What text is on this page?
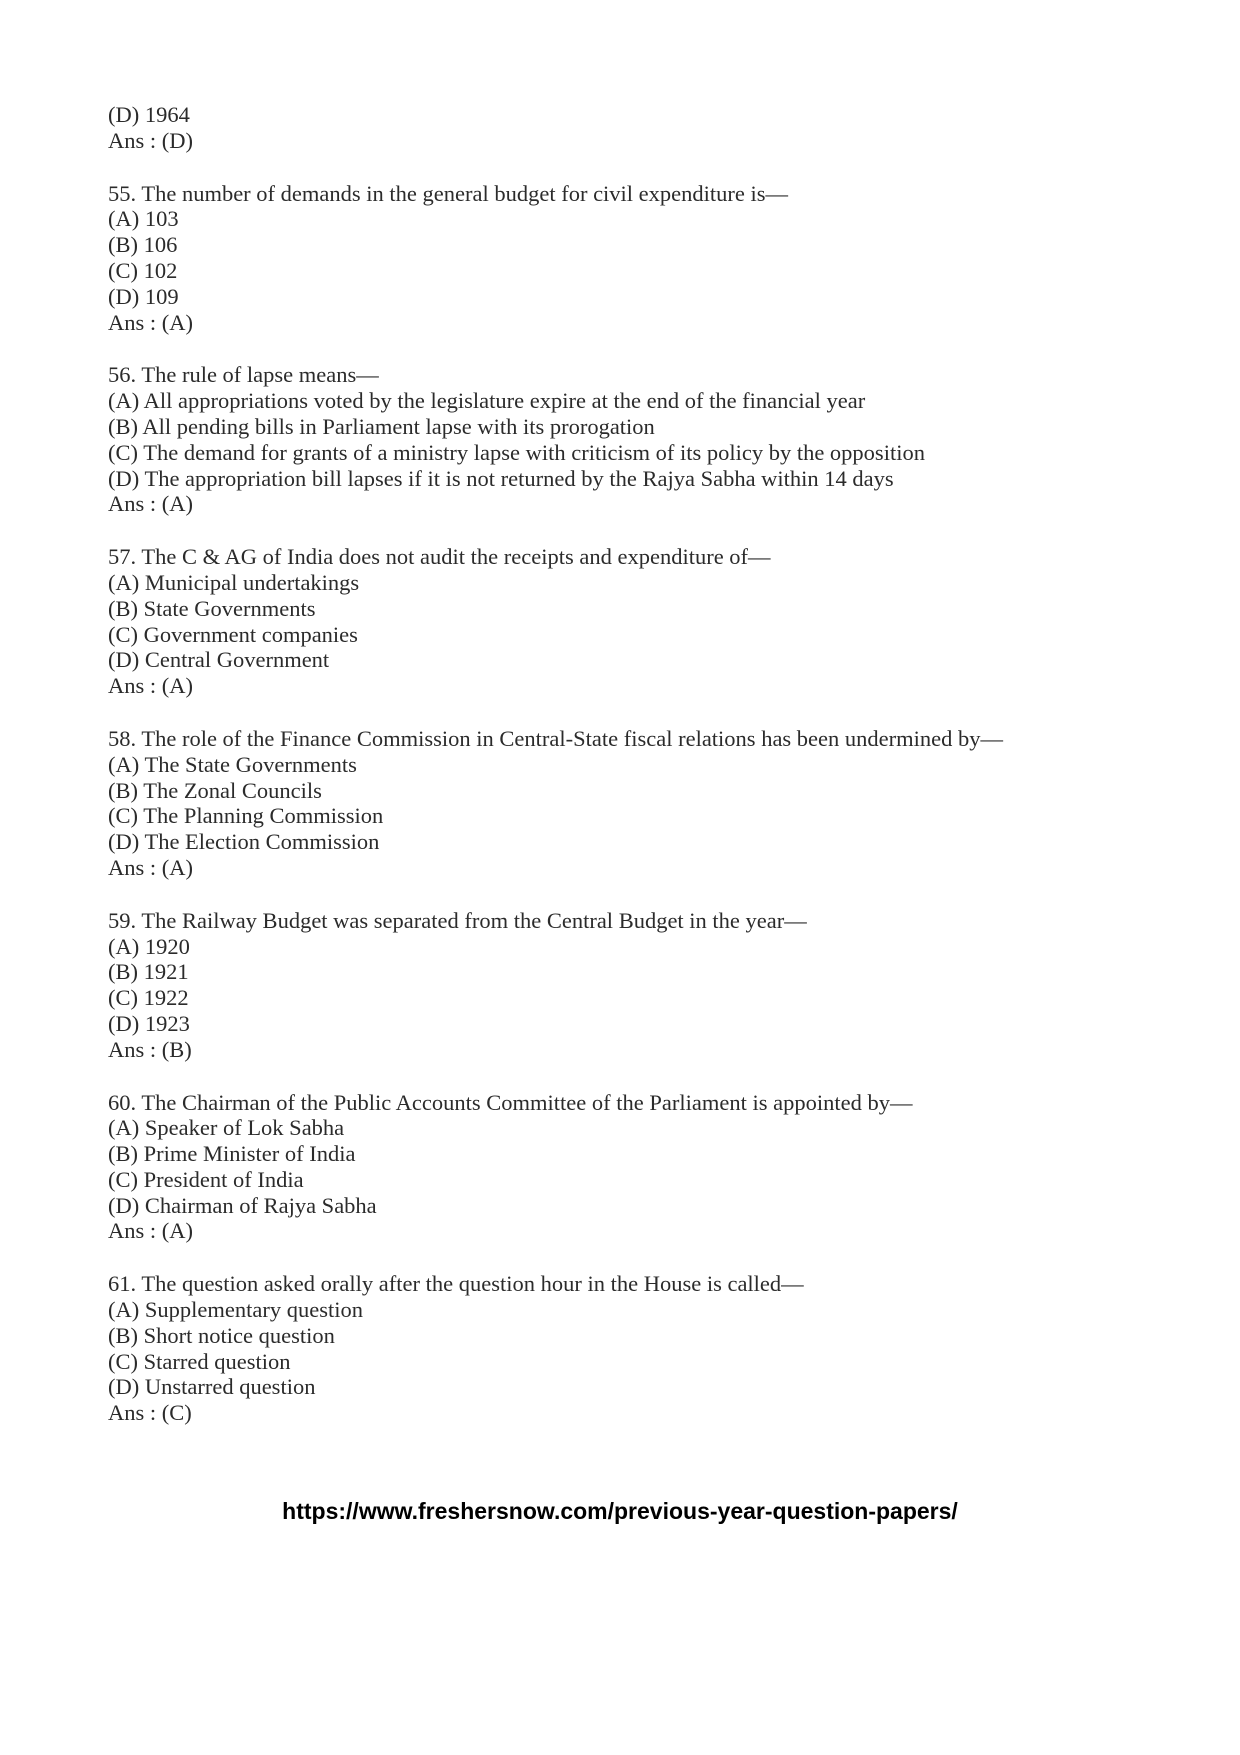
(D) 1964
Ans : (D)
55. The number of demands in the general budget for civil expenditure is—
(A) 103
(B) 106
(C) 102
(D) 109
Ans : (A)
56. The rule of lapse means—
(A) All appropriations voted by the legislature expire at the end of the financial year
(B) All pending bills in Parliament lapse with its prorogation
(C) The demand for grants of a ministry lapse with criticism of its policy by the opposition
(D) The appropriation bill lapses if it is not returned by the Rajya Sabha within 14 days
Ans : (A)
57. The C & AG of India does not audit the receipts and expenditure of—
(A) Municipal undertakings
(B) State Governments
(C) Government companies
(D) Central Government
Ans : (A)
58. The role of the Finance Commission in Central-State fiscal relations has been undermined by—
(A) The State Governments
(B) The Zonal Councils
(C) The Planning Commission
(D) The Election Commission
Ans : (A)
59. The Railway Budget was separated from the Central Budget in the year—
(A) 1920
(B) 1921
(C) 1922
(D) 1923
Ans : (B)
60. The Chairman of the Public Accounts Committee of the Parliament is appointed by—
(A) Speaker of Lok Sabha
(B) Prime Minister of India
(C) President of India
(D) Chairman of Rajya Sabha
Ans : (A)
61. The question asked orally after the question hour in the House is called—
(A) Supplementary question
(B) Short notice question
(C) Starred question
(D) Unstarred question
Ans : (C)
https://www.freshersnow.com/previous-year-question-papers/
